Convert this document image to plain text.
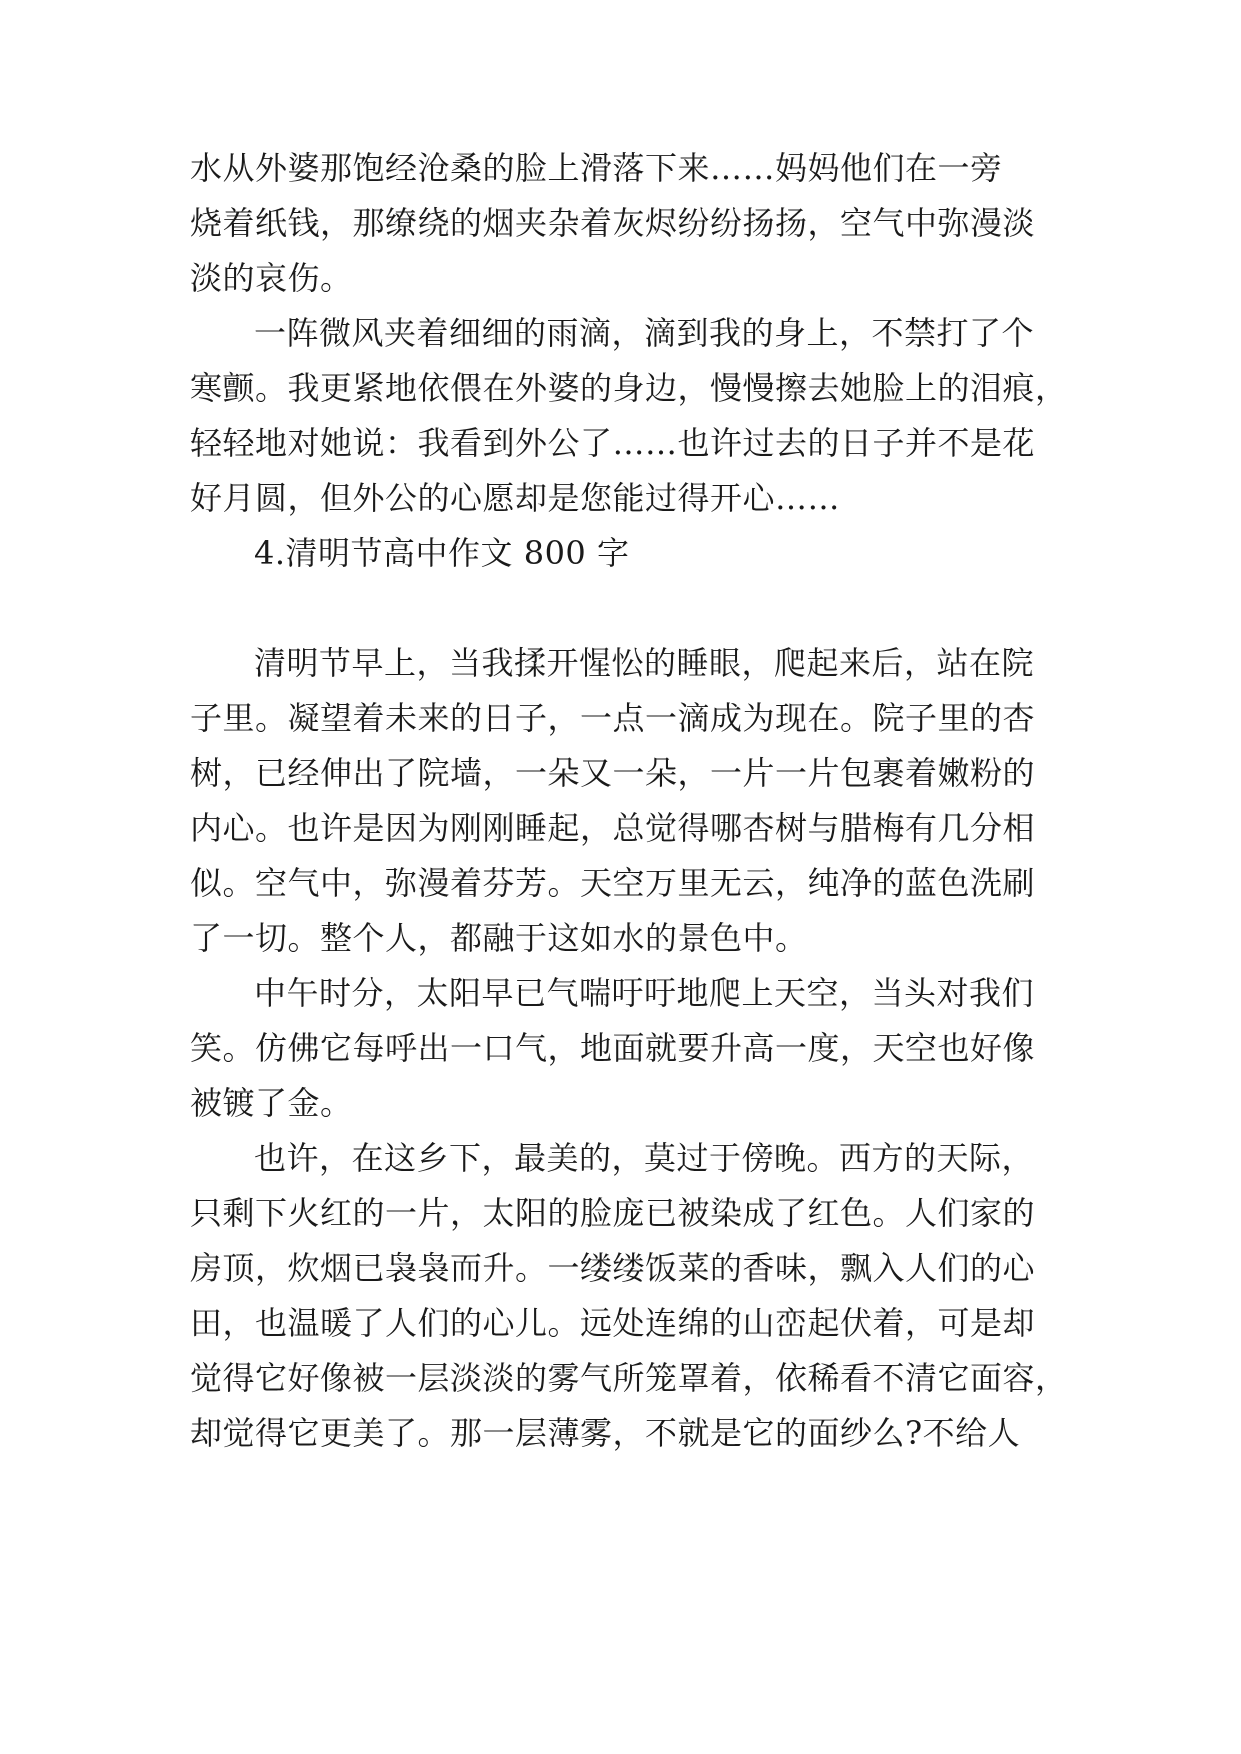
水从外婆那饱经沧桑的脸上滑落下来……妈妈他们在一旁

烧着纸钱，那缭绕的烟夹杂着灰烬纷纷扬扬，空气中弥漫淡

淡的哀伤。

一阵微风夹着细细的雨滴，滴到我的身上，不禁打了个

寒颤。我更紧地依偎在外婆的身边，慢慢擦去她脸上的泪痕，

轻轻地对她说：我看到外公了……也许过去的日子并不是花

好月圆，但外公的心愿却是您能过得开心……

4.清明节高中作文 800 字

清明节早上，当我揉开惺忪的睡眼，爬起来后，站在院

子里。凝望着未来的日子，一点一滴成为现在。院子里的杏

树，已经伸出了院墙，一朵又一朵，一片一片包裹着嫩粉的

内心。也许是因为刚刚睡起，总觉得哪杏树与腊梅有几分相

似。空气中，弥漫着芬芳。天空万里无云，纯净的蓝色洗刷

了一切。整个人，都融于这如水的景色中。

中午时分，太阳早已气喘吁吁地爬上天空，当头对我们

笑。仿佛它每呼出一口气，地面就要升高一度，天空也好像

被镀了金。

也许，在这乡下，最美的，莫过于傍晚。西方的天际，

只剩下火红的一片，太阳的脸庞已被染成了红色。人们家的

房顶，炊烟已袅袅而升。一缕缕饭菜的香味，飘入人们的心

田，也温暖了人们的心儿。远处连绵的山峦起伏着，可是却

觉得它好像被一层淡淡的雾气所笼罩着，依稀看不清它面容，

却觉得它更美了。那一层薄雾，不就是它的面纱么?不给人
